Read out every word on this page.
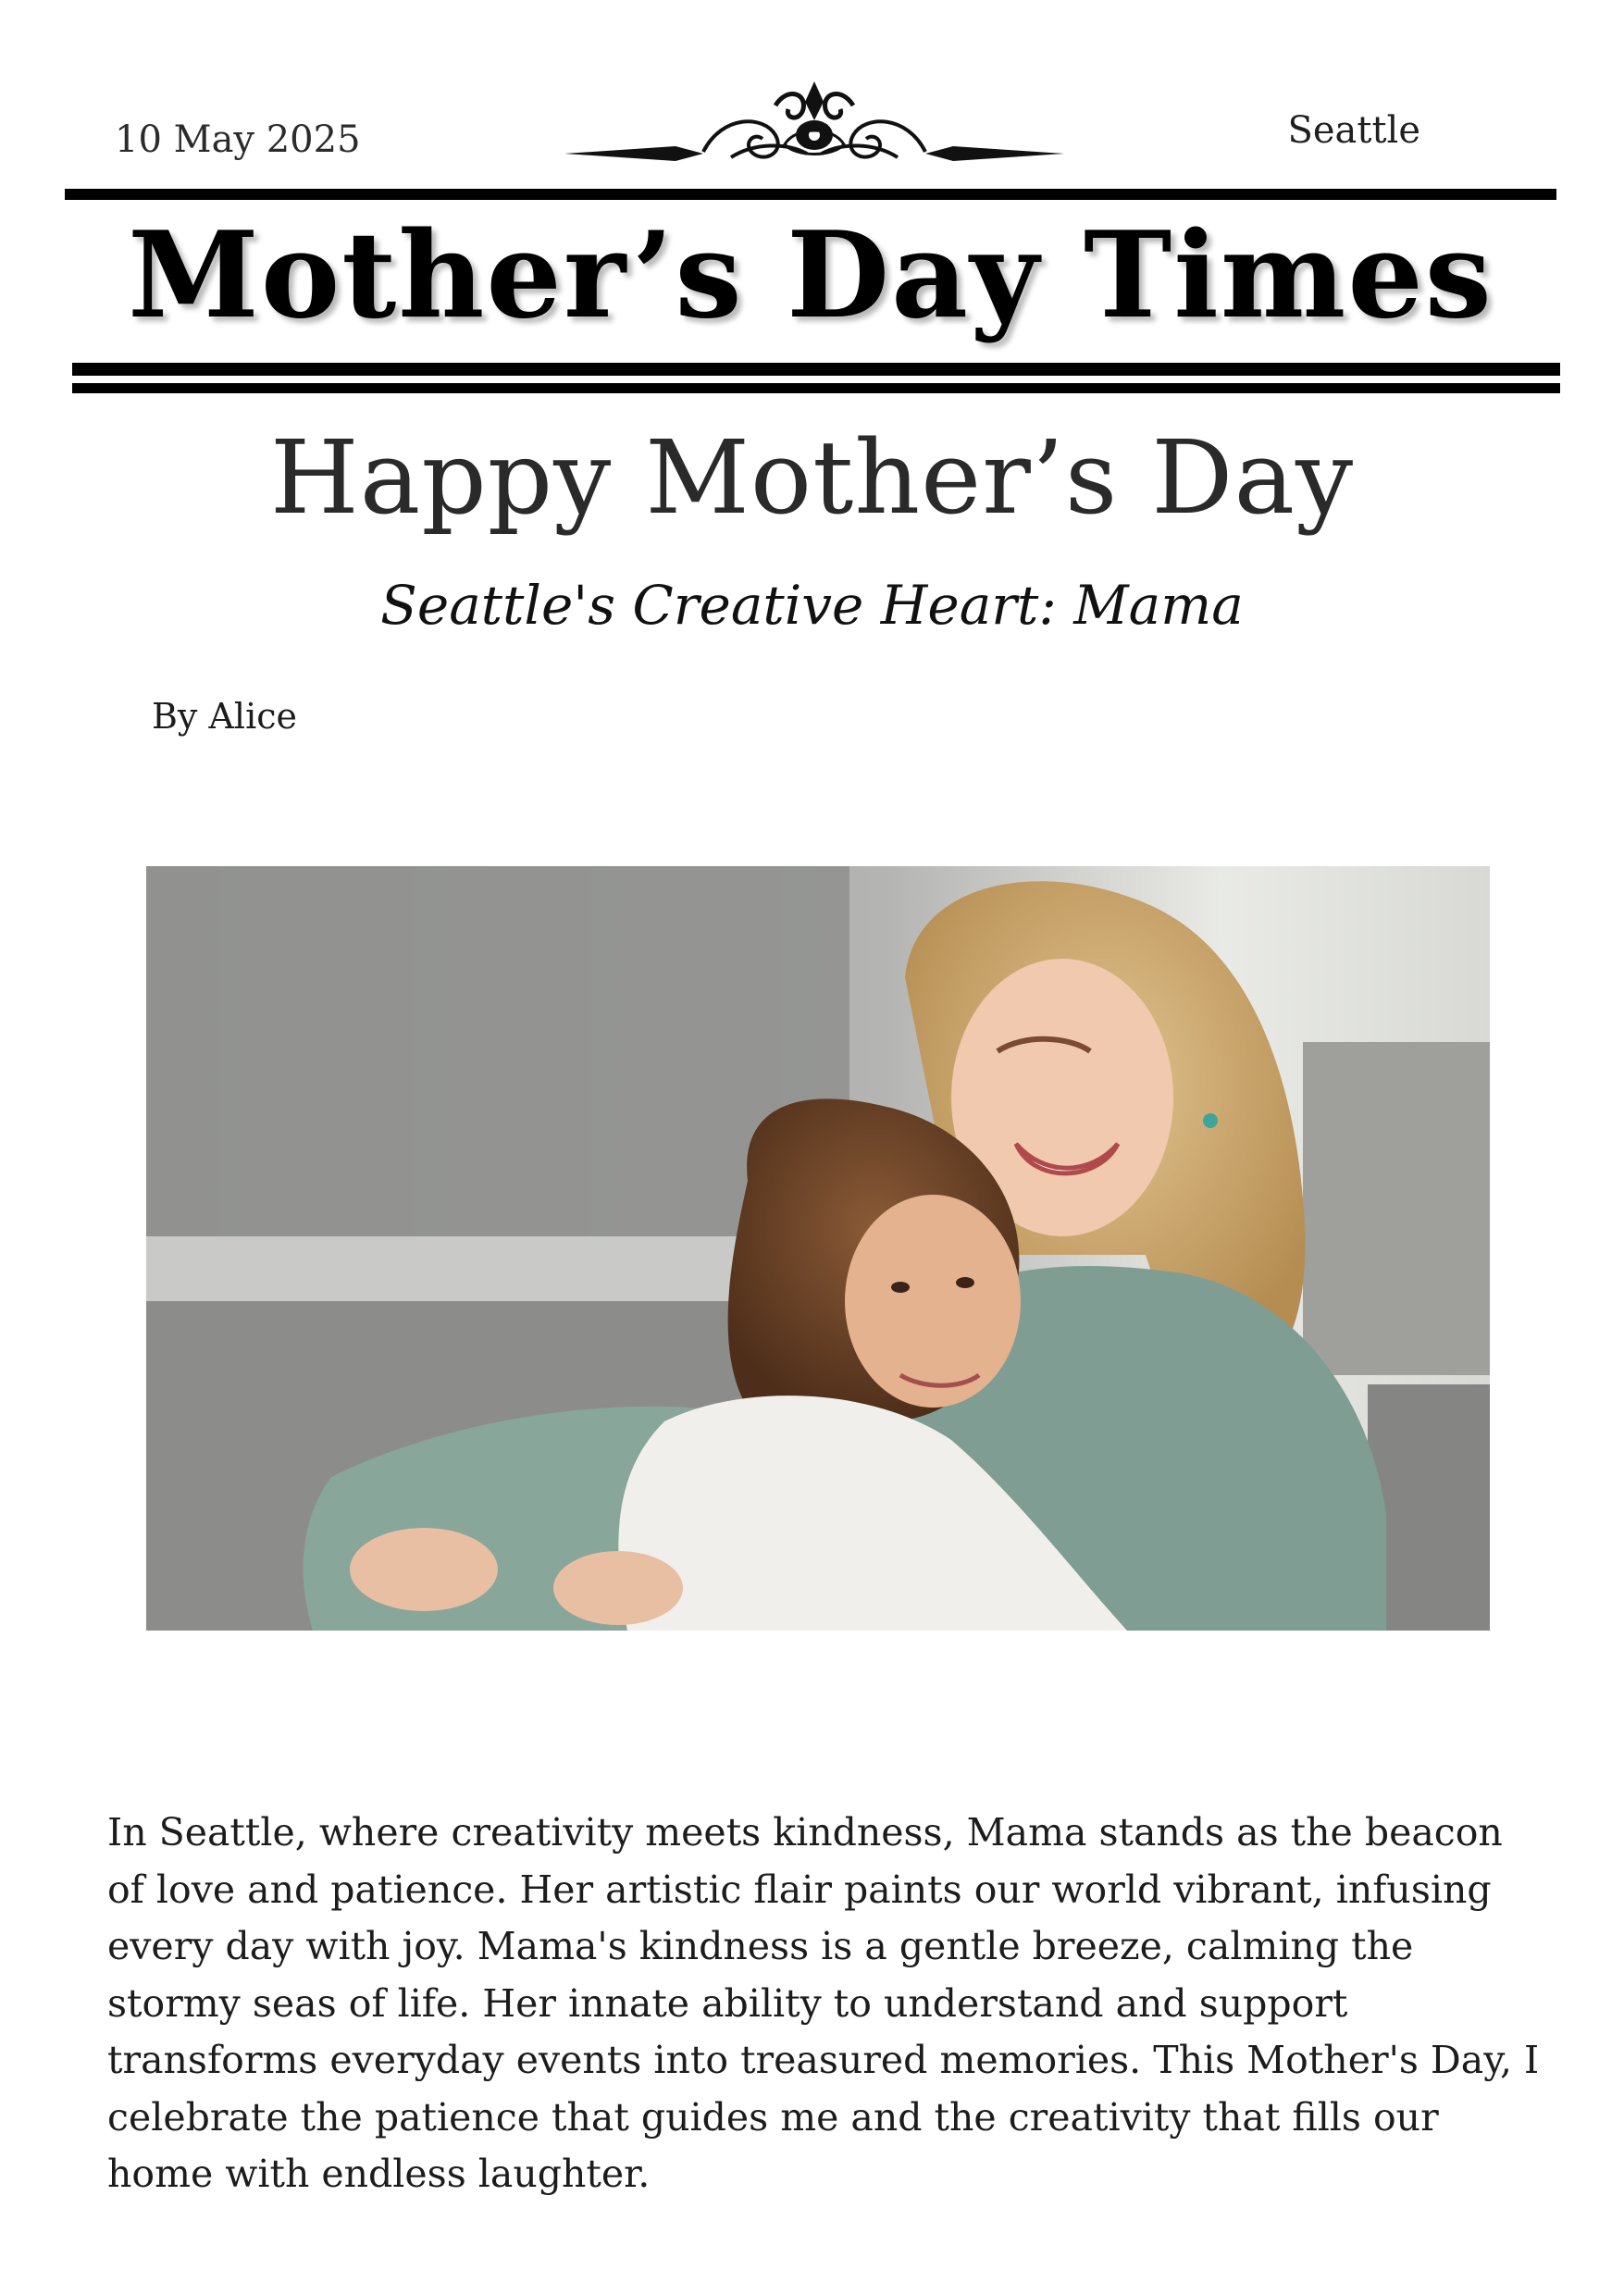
10 May 2025	Seattle
Mother’s Day Times
Happy Mother’s Day
Seattle's Creative Heart: Mama
By Alice
In Seattle, where creativity meets kindness, Mama stands as the beacon of love and patience. Her artistic flair paints our world vibrant, infusing every day with joy. Mama's kindness is a gentle breeze, calming the stormy seas of life. Her innate ability to understand and support transforms everyday events into treasured memories. This Mother's Day, I celebrate the patience that guides me and the creativity that fills our home with endless laughter.
